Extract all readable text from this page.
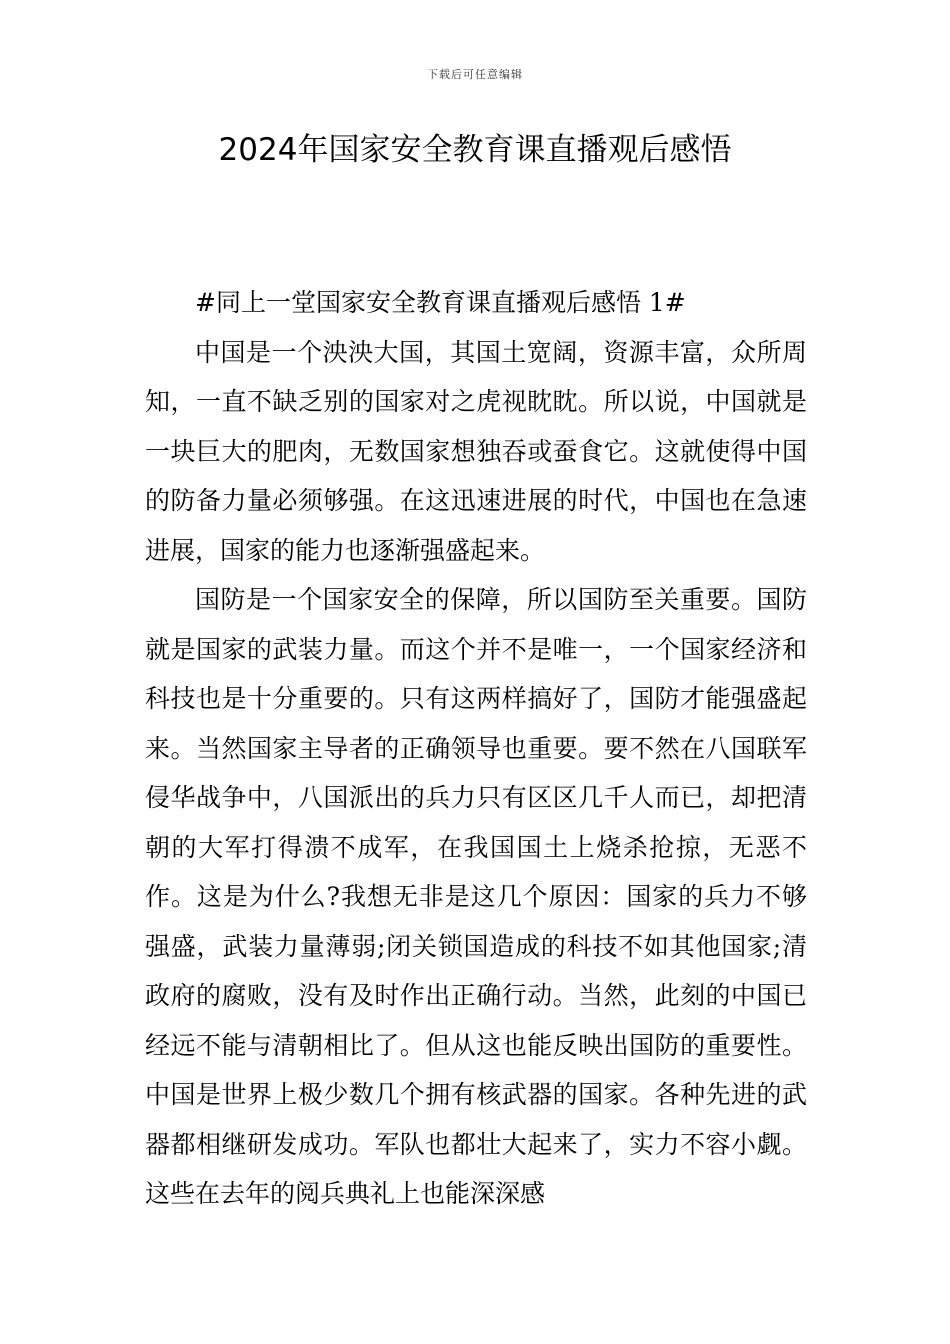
下载后可任意编辑
2024年国家安全教育课直播观后感悟

#同上一堂国家安全教育课直播观后感悟 1#

中国是一个泱泱大国，其国土宽阔，资源丰富，众所周知，一直不缺乏别的国家对之虎视眈眈。所以说，中国就是一块巨大的肥肉，无数国家想独吞或蚕食它。这就使得中国的防备力量必须够强。在这迅速进展的时代，中国也在急速进展，国家的能力也逐渐强盛起来。

国防是一个国家安全的保障，所以国防至关重要。国防就是国家的武装力量。而这个并不是唯一，一个国家经济和科技也是十分重要的。只有这两样搞好了，国防才能强盛起来。当然国家主导者的正确领导也重要。要不然在八国联军侵华战争中，八国派出的兵力只有区区几千人而已，却把清朝的大军打得溃不成军，在我国国土上烧杀抢掠，无恶不作。这是为什么?我想无非是这几个原因：国家的兵力不够强盛，武装力量薄弱;闭关锁国造成的科技不如其他国家;清政府的腐败，没有及时作出正确行动。当然，此刻的中国已经远不能与清朝相比了。但从这也能反映出国防的重要性。中国是世界上极少数几个拥有核武器的国家。各种先进的武器都相继研发成功。军队也都壮大起来了，实力不容小觑。这些在去年的阅兵典礼上也能深深感
